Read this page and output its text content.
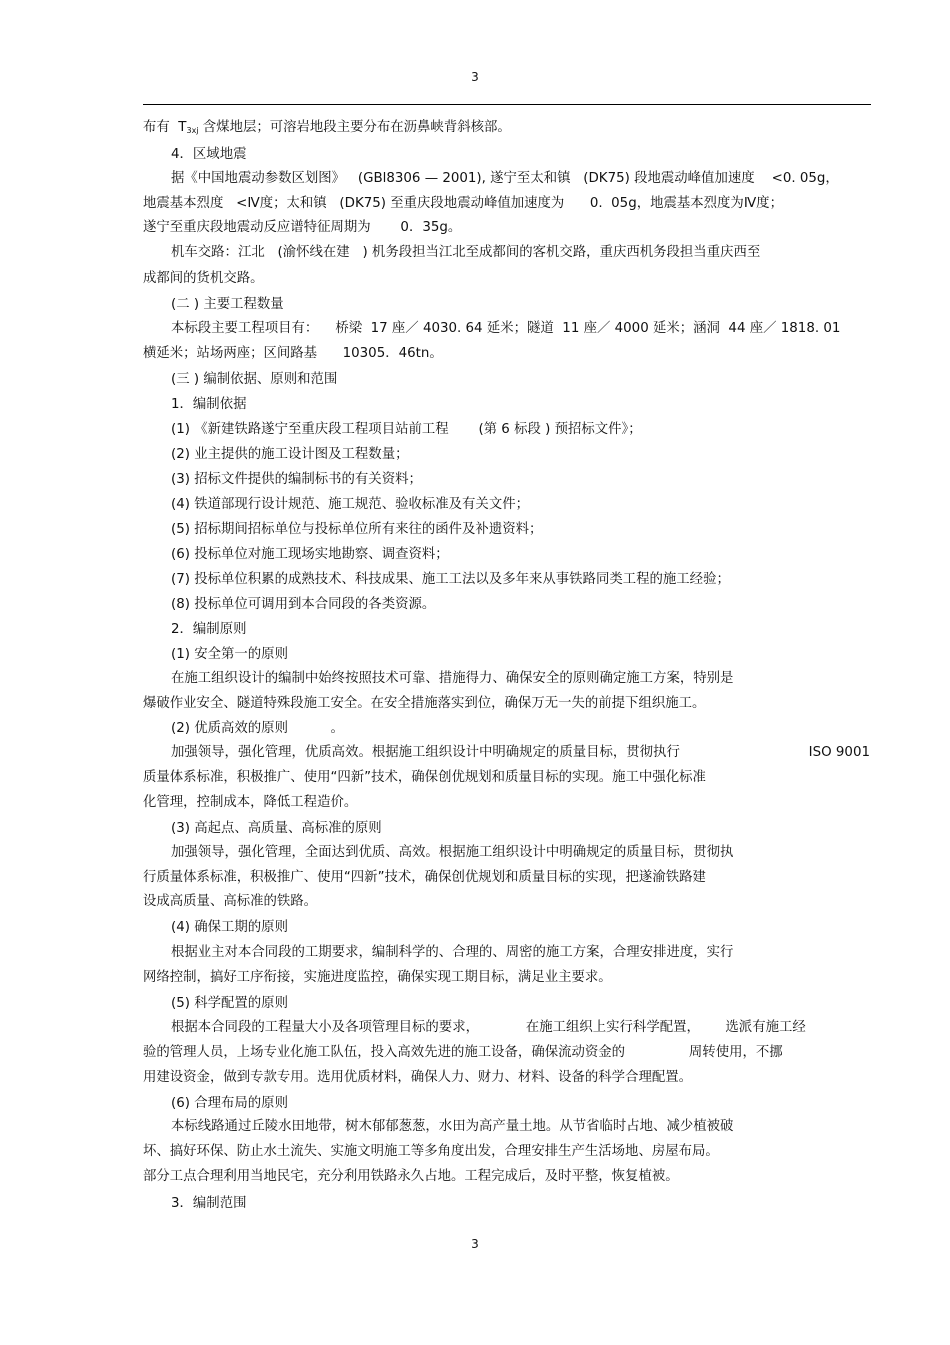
3
布有  $T_{3xj}$ 含煤地层；可溶岩地段主要分布在沥鼻峡背斜核部。
4．区域地震
据《中国地震动参数区划图》   (GBl8306 — 2001), 遂宁至太和镇   (DK75) 段地震动峰值加速度    <0. 05g，
地震基本烈度   <Ⅳ度；太和镇   (DK75) 至重庆段地震动峰值加速度为      0.  05g，地震基本烈度为Ⅳ度；
遂宁至重庆段地震动反应谱特征周期为       0．35g。
机车交路：江北   (渝怀线在建   ) 机务段担当江北至成都间的客机交路，重庆西机务段担当重庆西至
成都间的货机交路。
(二 ) 主要工程数量
本标段主要工程项目有：    桥梁  17 座／ 4030. 64 延米；隧道  11 座／ 4000 延米；涵洞  44 座／ 1818. 01
横延米；站场两座；区间路基      10305．46tn。
(三 ) 编制依据、原则和范围
1．编制依据
(1) 《新建铁路遂宁至重庆段工程项目站前工程       (第 6 标段 ) 预招标文件》；
(2) 业主提供的施工设计图及工程数量；
(3) 招标文件提供的编制标书的有关资料；
(4) 铁道部现行设计规范、施工规范、验收标准及有关文件；
(5) 招标期间招标单位与投标单位所有来往的函件及补遗资料；
(6) 投标单位对施工现场实地勘察、调查资料；
(7) 投标单位积累的成熟技术、科技成果、施工工法以及多年来从事铁路同类工程的施工经验；
(8) 投标单位可调用到本合同段的各类资源。
2．编制原则
(1) 安全第一的原则
在施工组织设计的编制中始终按照技术可靠、措施得力、确保安全的原则确定施工方案，特别是
爆破作业安全、隧道特殊段施工安全。在安全措施落实到位，确保万无一失的前提下组织施工。
(2) 优质高效的原则          。
加强领导，强化管理，优质高效。根据施工组织设计中明确规定的质量目标，贯彻执行	ISO 9001
质量体系标准，积极推广、使用“四新”技术，确保创优规划和质量目标的实现。施工中强化标准
化管理，控制成本，降低工程造价。
(3) 高起点、高质量、高标准的原则
加强领导，强化管理，全面达到优质、高效。根据施工组织设计中明确规定的质量目标，贯彻执
行质量体系标准，积极推广、使用“四新”技术，确保创优规划和质量目标的实现，把遂渝铁路建
设成高质量、高标准的铁路。
(4) 确保工期的原则
根据业主对本合同段的工期要求，编制科学的、合理的、周密的施工方案，合理安排进度，实行
网络控制，搞好工序衔接，实施进度监控，确保实现工期目标，满足业主要求。
(5) 科学配置的原则
根据本合同段的工程量大小及各项管理目标的要求，           在施工组织上实行科学配置，      选派有施工经
验的管理人员，上场专业化施工队伍，投入高效先进的施工设备，确保流动资金的               周转使用，不挪
用建设资金，做到专款专用。选用优质材料，确保人力、财力、材料、设备的科学合理配置。
(6) 合理布局的原则
本标线路通过丘陵水田地带，树木郁郁葱葱，水田为高产量土地。从节省临时占地、减少植被破
坏、搞好环保、防止水土流失、实施文明施工等多角度出发，合理安排生产生活场地、房屋布局。
部分工点合理利用当地民宅，充分利用铁路永久占地。工程完成后，及时平整，恢复植被。
3．编制范围
3
